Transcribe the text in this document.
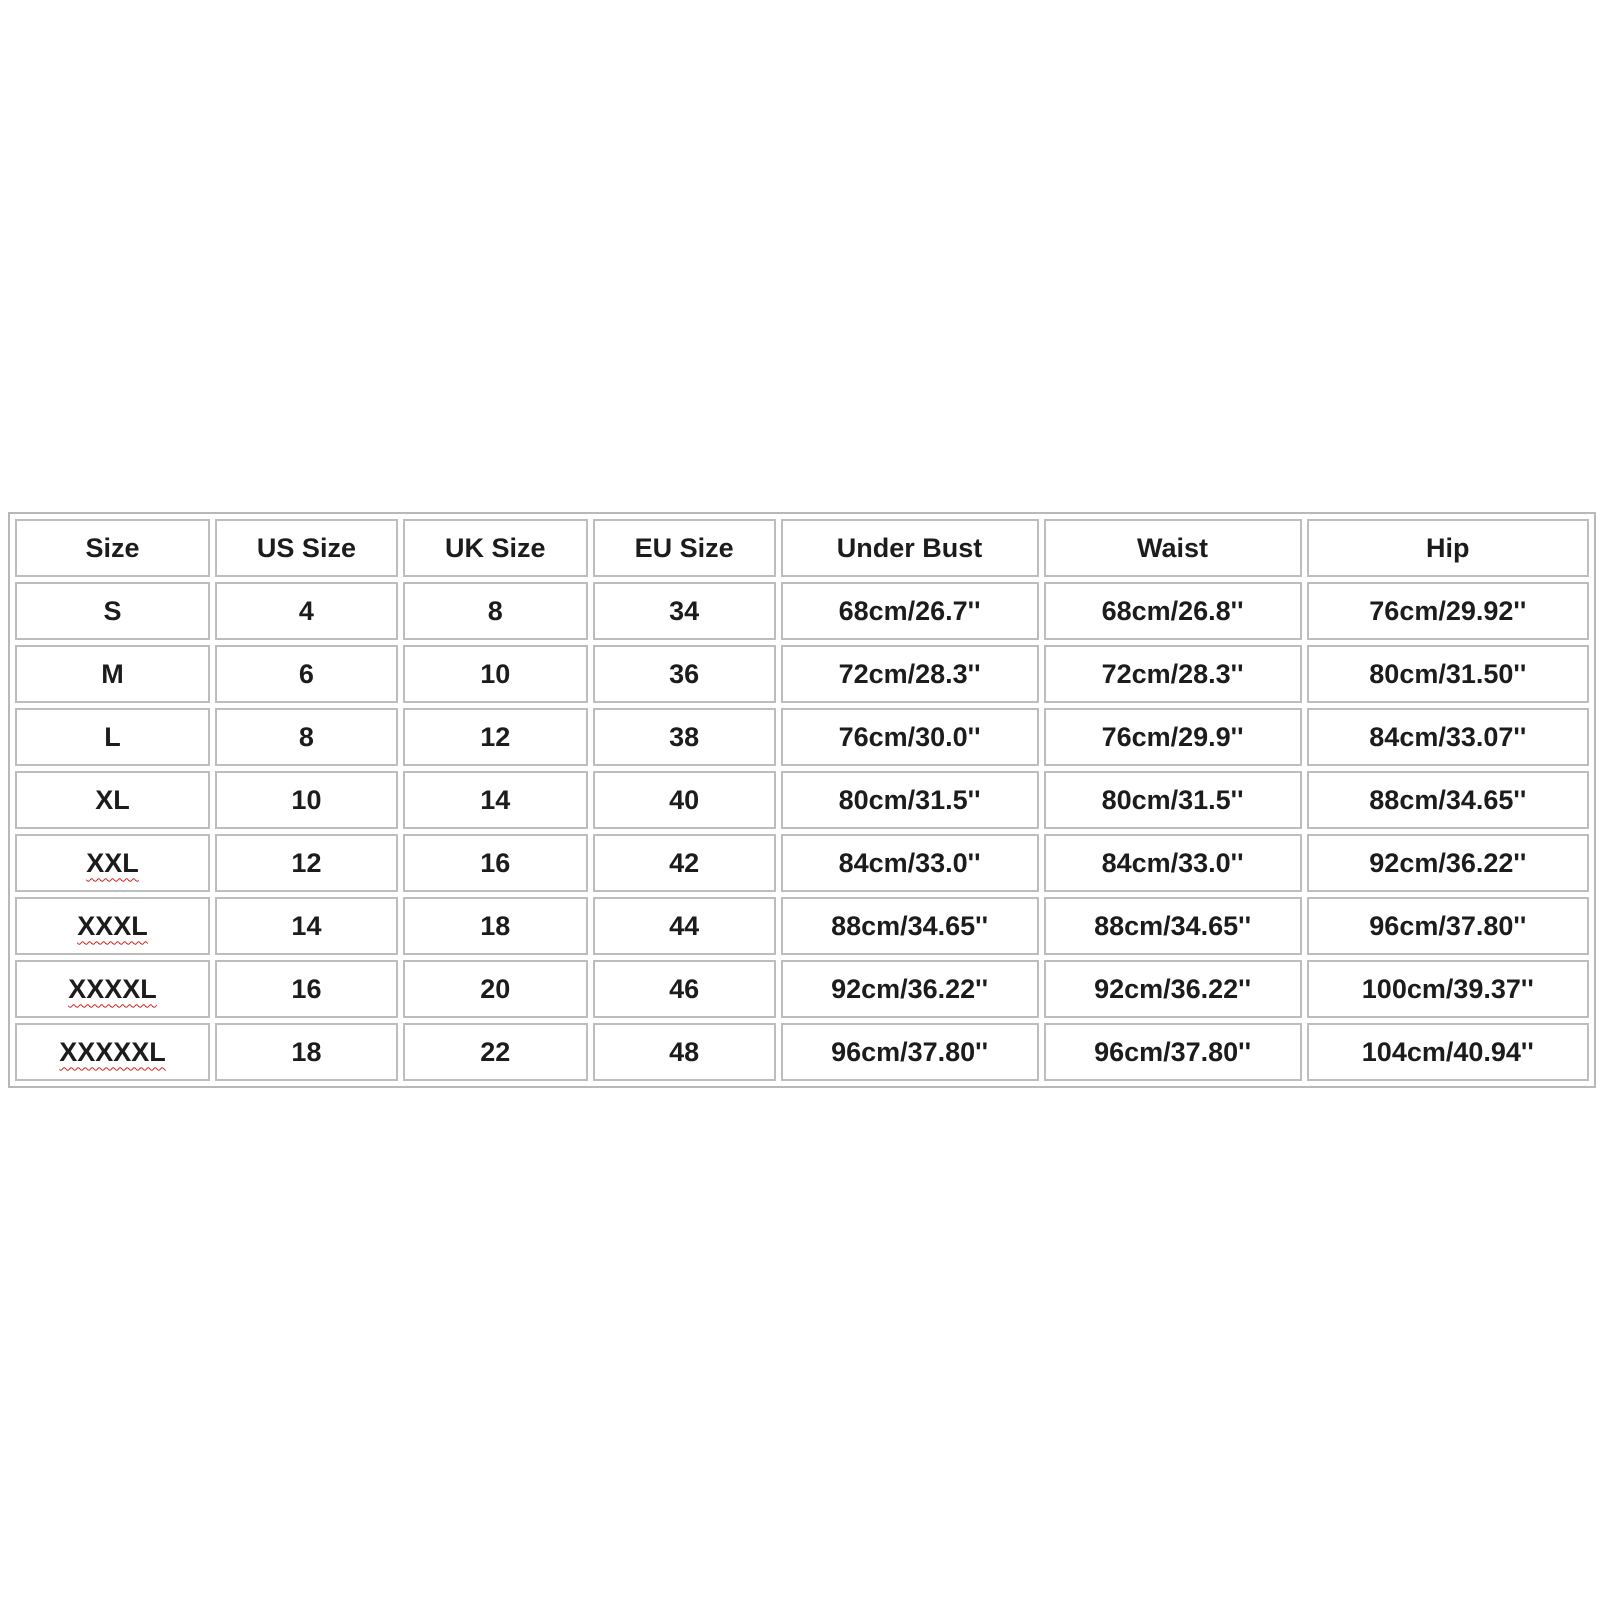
Size	US Size	UK Size	EU Size	Under Bust	Waist	Hip
S	4	8	34	68cm/26.7''	68cm/26.8''	76cm/29.92''
M	6	10	36	72cm/28.3''	72cm/28.3''	80cm/31.50''
L	8	12	38	76cm/30.0''	76cm/29.9''	84cm/33.07''
XL	10	14	40	80cm/31.5''	80cm/31.5''	88cm/34.65''
XXL	12	16	42	84cm/33.0''	84cm/33.0''	92cm/36.22''
XXXL	14	18	44	88cm/34.65''	88cm/34.65''	96cm/37.80''
XXXXL	16	20	46	92cm/36.22''	92cm/36.22''	100cm/39.37''
XXXXXL	18	22	48	96cm/37.80''	96cm/37.80''	104cm/40.94''
